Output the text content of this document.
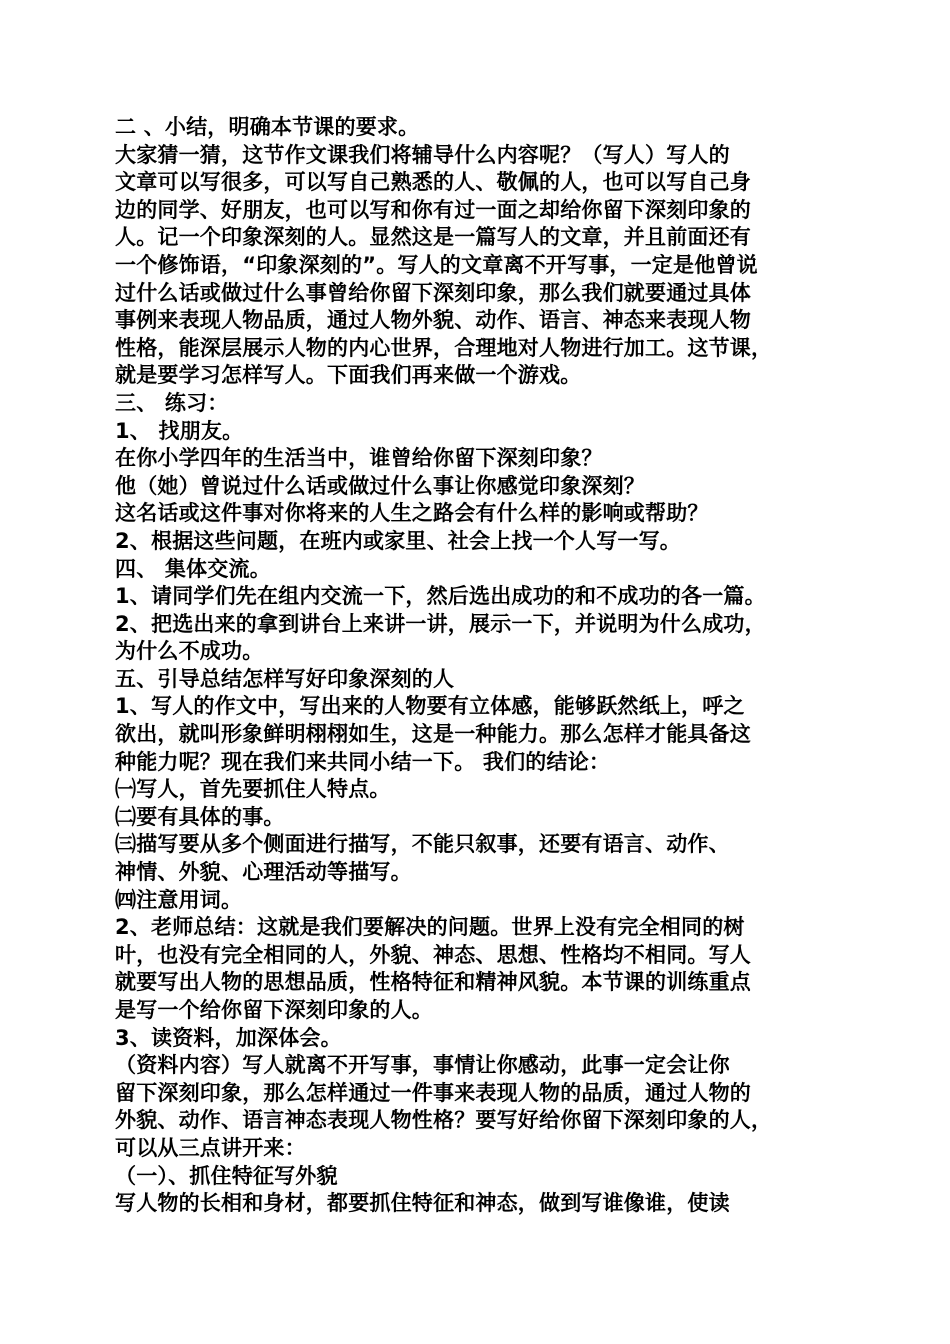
二 、小结，明确本节课的要求。
大家猜一猜，这节作文课我们将辅导什么内容呢？（写人）写人的
文章可以写很多，可以写自己熟悉的人、敬佩的人，也可以写自己身
边的同学、好朋友，也可以写和你有过一面之却给你留下深刻印象的
人。记一个印象深刻的人。显然这是一篇写人的文章，并且前面还有
一个修饰语，“印象深刻的”。写人的文章离不开写事，一定是他曾说
过什么话或做过什么事曾给你留下深刻印象，那么我们就要通过具体
事例来表现人物品质，通过人物外貌、动作、语言、神态来表现人物
性格，能深层展示人物的内心世界，合理地对人物进行加工。这节课，
就是要学习怎样写人。下面我们再来做一个游戏。
三、 练习：
1、 找朋友。
在你小学四年的生活当中，谁曾给你留下深刻印象？
他（她）曾说过什么话或做过什么事让你感觉印象深刻？
这名话或这件事对你将来的人生之路会有什么样的影响或帮助？
2、根据这些问题，在班内或家里、社会上找一个人写一写。
四、 集体交流。
1、请同学们先在组内交流一下，然后选出成功的和不成功的各一篇。
2、把选出来的拿到讲台上来讲一讲，展示一下，并说明为什么成功，
为什么不成功。
五、引导总结怎样写好印象深刻的人
1、写人的作文中，写出来的人物要有立体感，能够跃然纸上，呼之
欲出，就叫形象鲜明栩栩如生，这是一种能力。那么怎样才能具备这
种能力呢？现在我们来共同小结一下。 我们的结论：
㈠写人，首先要抓住人特点。
㈡要有具体的事。
㈢描写要从多个侧面进行描写，不能只叙事，还要有语言、动作、
神情、外貌、心理活动等描写。
㈣注意用词。
2、老师总结：这就是我们要解决的问题。世界上没有完全相同的树
叶，也没有完全相同的人，外貌、神态、思想、性格均不相同。写人
就要写出人物的思想品质，性格特征和精神风貌。本节课的训练重点
是写一个给你留下深刻印象的人。
3、读资料，加深体会。
（资料内容）写人就离不开写事，事情让你感动，此事一定会让你
留下深刻印象，那么怎样通过一件事来表现人物的品质，通过人物的
外貌、动作、语言神态表现人物性格？要写好给你留下深刻印象的人，
可以从三点讲开来：
（一）、抓住特征写外貌
写人物的长相和身材，都要抓住特征和神态，做到写谁像谁，使读
